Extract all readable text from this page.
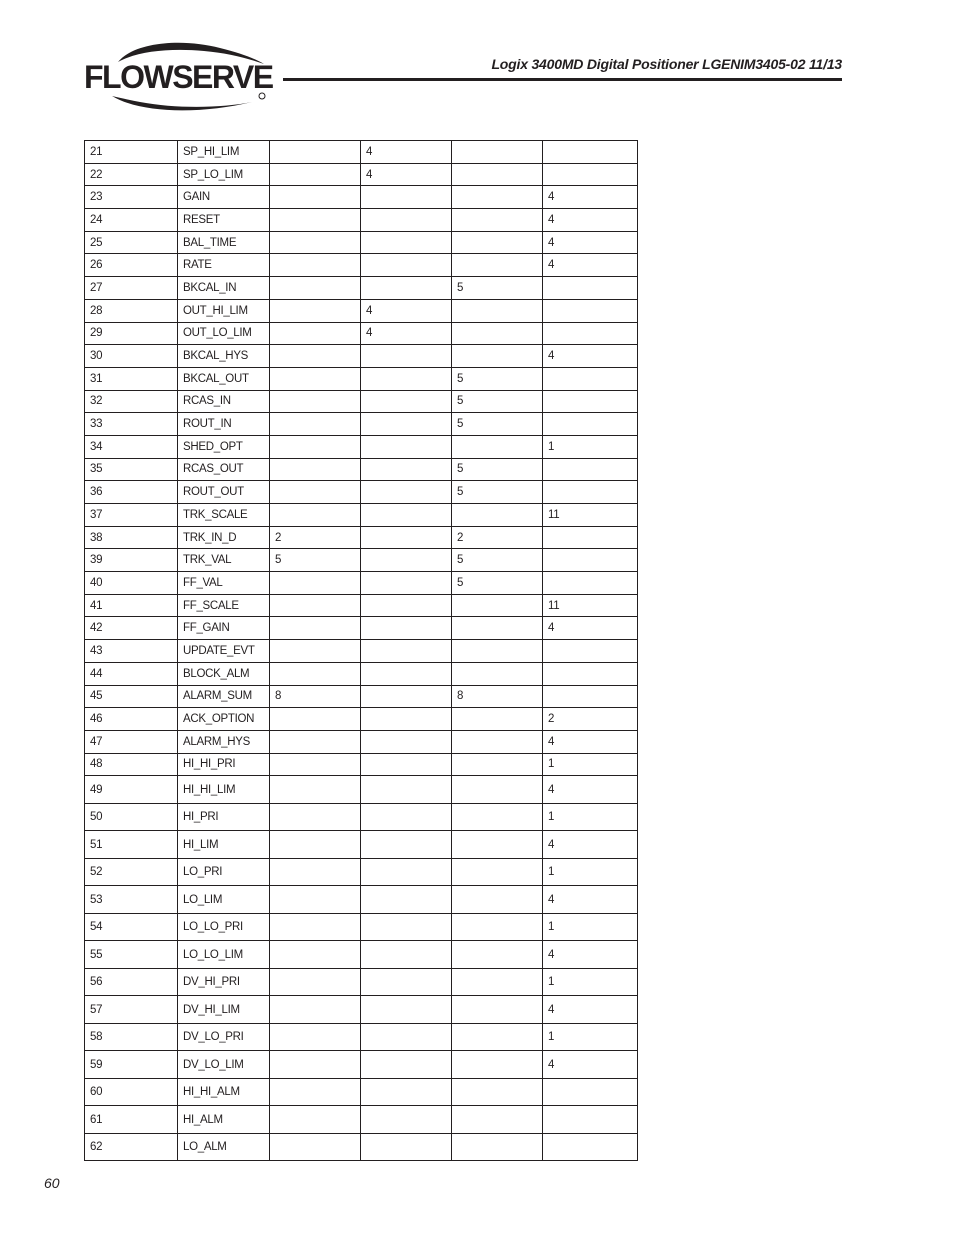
FLOWSERVE	Logix 3400MD Digital Positioner LGENIM3405-02 11/13
21	SP_HI_LIM		4		
22	SP_LO_LIM		4		
23	GAIN				4
24	RESET				4
25	BAL_TIME				4
26	RATE				4
27	BKCAL_IN			5	
28	OUT_HI_LIM		4		
29	OUT_LO_LIM		4		
30	BKCAL_HYS				4
31	BKCAL_OUT			5	
32	RCAS_IN			5	
33	ROUT_IN			5	
34	SHED_OPT				1
35	RCAS_OUT			5	
36	ROUT_OUT			5	
37	TRK_SCALE				11
38	TRK_IN_D	2		2	
39	TRK_VAL	5		5	
40	FF_VAL			5	
41	FF_SCALE				11
42	FF_GAIN				4
43	UPDATE_EVT				
44	BLOCK_ALM				
45	ALARM_SUM	8		8	
46	ACK_OPTION				2
47	ALARM_HYS				4
48	HI_HI_PRI				1
49	HI_HI_LIM				4
50	HI_PRI				1
51	HI_LIM				4
52	LO_PRI				1
53	LO_LIM				4
54	LO_LO_PRI				1
55	LO_LO_LIM				4
56	DV_HI_PRI				1
57	DV_HI_LIM				4
58	DV_LO_PRI				1
59	DV_LO_LIM				4
60	HI_HI_ALM				
61	HI_ALM				
62	LO_ALM				
60
